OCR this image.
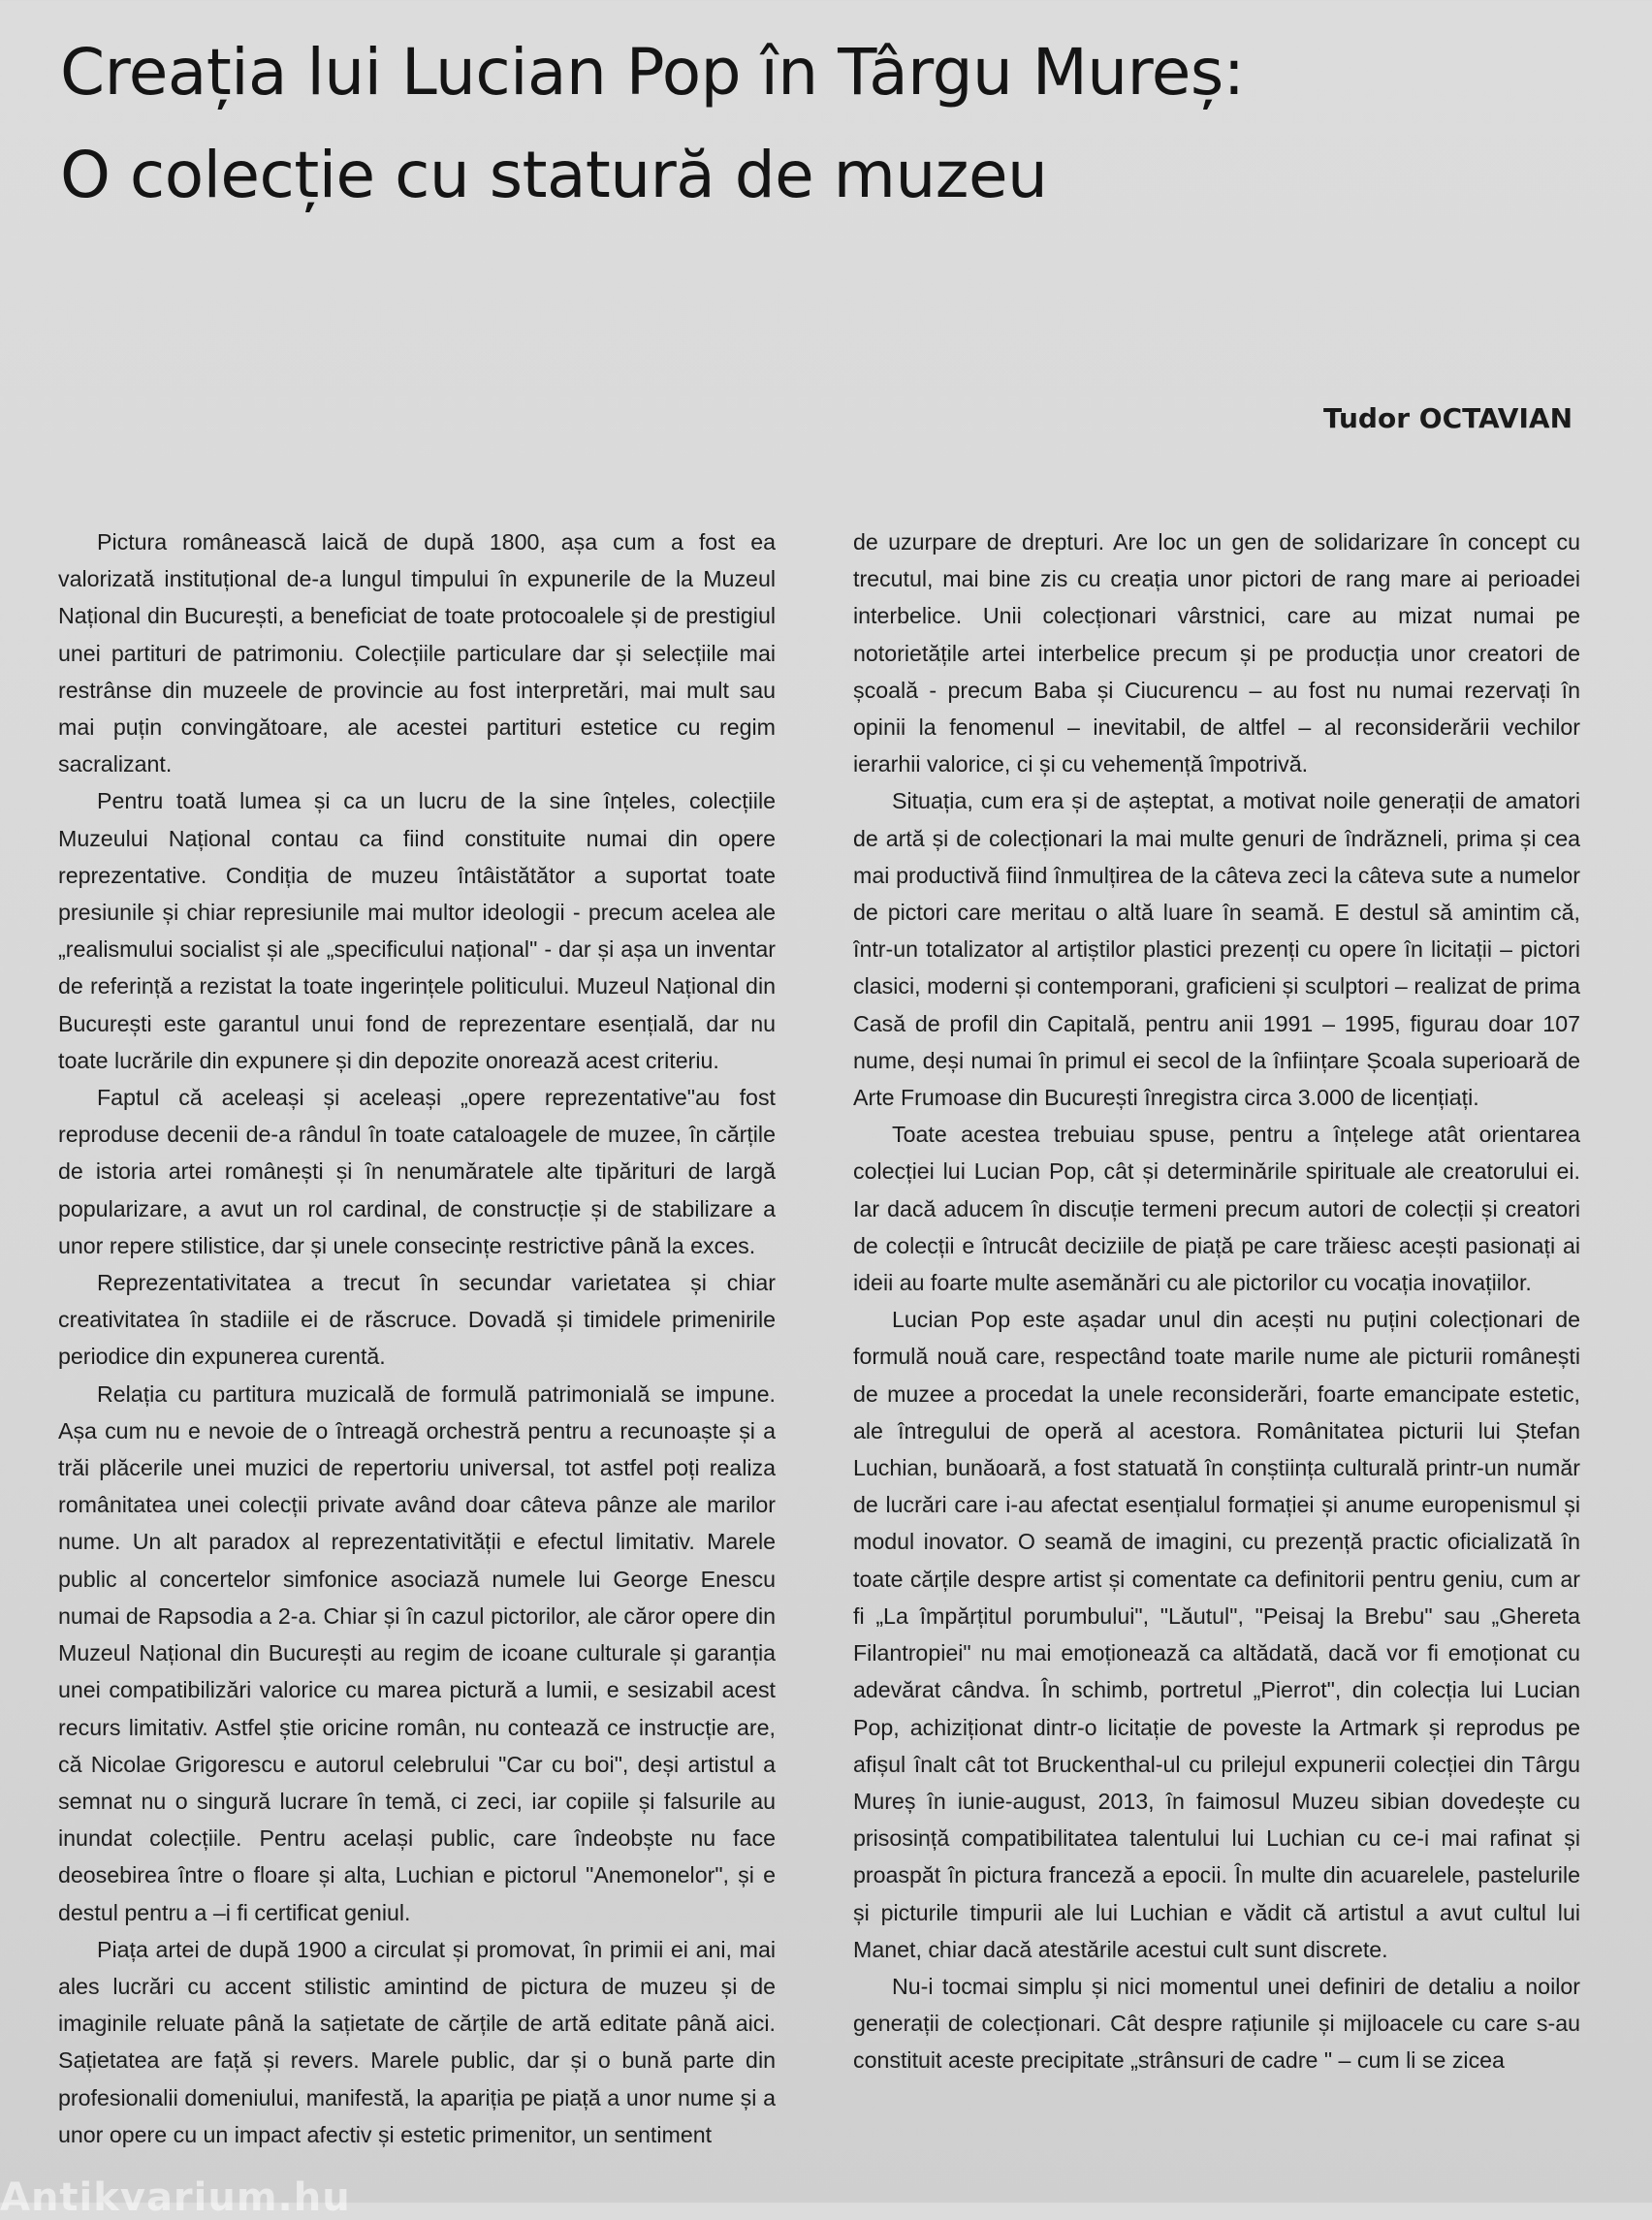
Creația lui Lucian Pop în Târgu Mureș:
O colecție cu statură de muzeu
Tudor OCTAVIAN

Pictura românească laică de după 1800, așa cum a fost ea valorizată instituțional de-a lungul timpului în expunerile de la Muzeul Național din București, a beneficiat de toate protocoalele și de prestigiul unei partituri de patrimoniu. Colecțiile particulare dar și selecțiile mai restrânse din muzeele de provincie au fost interpretări, mai mult sau mai puțin convingătoare, ale acestei partituri estetice cu regim sacralizant.

Pentru toată lumea și ca un lucru de la sine înțeles, colecțiile Muzeului Național contau ca fiind constituite numai din opere reprezentative. Condiția de muzeu întâistătător a suportat toate presiunile și chiar represiunile mai multor ideologii - precum acelea ale „realismului socialist și ale „specificului național" - dar și așa un inventar de referință a rezistat la toate ingerințele politicului. Muzeul Național din București este garantul unui fond de reprezentare esențială, dar nu toate lucrările din expunere și din depozite onorează acest criteriu.

Faptul că aceleași și aceleași „opere reprezentative"au fost reproduse decenii de-a rândul în toate cataloagele de muzee, în cărțile de istoria artei românești și în nenumăratele alte tipărituri de largă popularizare, a avut un rol cardinal, de construcție și de stabilizare a unor repere stilistice, dar și unele consecințe restrictive până la exces.

Reprezentativitatea a trecut în secundar varietatea și chiar creativitatea în stadiile ei de răscruce. Dovadă și timidele primenirile periodice din expunerea curentă.

Relația cu partitura muzicală de formulă patrimonială se impune. Așa cum nu e nevoie de o întreagă orchestră pentru a recunoaște și a trăi plăcerile unei muzici de repertoriu universal, tot astfel poți realiza românitatea unei colecții private având doar câteva pânze ale marilor nume. Un alt paradox al reprezentativității e efectul limitativ. Marele public al concertelor simfonice asociază numele lui George Enescu numai de Rapsodia a 2-a. Chiar și în cazul pictorilor, ale căror opere din Muzeul Național din București au regim de icoane culturale și garanția unei compatibilizări valorice cu marea pictură a lumii, e sesizabil acest recurs limitativ. Astfel știe oricine român, nu contează ce instrucție are, că Nicolae Grigorescu e autorul celebrului "Car cu boi", deși artistul a semnat nu o singură lucrare în temă, ci zeci, iar copiile și falsurile au inundat colecțiile. Pentru același public, care îndeobște nu face deosebirea între o floare și alta, Luchian e pictorul "Anemonelor", și e destul pentru a –i fi certificat geniul.

Piața artei de după 1900 a circulat și promovat, în primii ei ani, mai ales lucrări cu accent stilistic amintind de pictura de muzeu și de imaginile reluate până la sațietate de cărțile de artă editate până aici. Sațietatea are față și revers. Marele public, dar și o bună parte din profesionalii domeniului, manifestă, la apariția pe piață a unor nume și a unor opere cu un impact afectiv și estetic primenitor, un sentiment

de uzurpare de drepturi. Are loc un gen de solidarizare în concept cu trecutul, mai bine zis cu creația unor pictori de rang mare ai perioadei interbelice. Unii colecționari vârstnici, care au mizat numai pe notorietățile artei interbelice precum și pe producția unor creatori de școală - precum Baba și Ciucurencu – au fost nu numai rezervați în opinii la fenomenul – inevitabil, de altfel – al reconsiderării vechilor ierarhii valorice, ci și cu vehemență împotrivă.

Situația, cum era și de așteptat, a motivat noile generații de amatori de artă și de colecționari la mai multe genuri de îndrăzneli, prima și cea mai productivă fiind înmulțirea de la câteva zeci la câteva sute a numelor de pictori care meritau o altă luare în seamă. E destul să amintim că, într-un totalizator al artiștilor plastici prezenți cu opere în licitații – pictori clasici, moderni și contemporani, graficieni și sculptori – realizat de prima Casă de profil din Capitală, pentru anii 1991 – 1995, figurau doar 107 nume, deși numai în primul ei secol de la înființare Școala superioară de Arte Frumoase din București înregistra circa 3.000 de licențiați.

Toate acestea trebuiau spuse, pentru a înțelege atât orientarea colecției lui Lucian Pop, cât și determinările spirituale ale creatorului ei. Iar dacă aducem în discuție termeni precum autori de colecții și creatori de colecții e întrucât deciziile de piață pe care trăiesc acești pasionați ai ideii au foarte multe asemănări cu ale pictorilor cu vocația inovațiilor.

Lucian Pop este așadar unul din acești nu puțini colecționari de formulă nouă care, respectând toate marile nume ale picturii românești de muzee a procedat la unele reconsiderări, foarte emancipate estetic, ale întregului de operă al acestora. Românitatea picturii lui Ștefan Luchian, bunăoară, a fost statuată în conștiința culturală printr-un număr de lucrări care i-au afectat esențialul formației și anume europenismul și modul inovator. O seamă de imagini, cu prezență practic oficializată în toate cărțile despre artist și comentate ca definitorii pentru geniu, cum ar fi „La împărțitul porumbului", "Lăutul", "Peisaj la Brebu" sau „Ghereta Filantropiei" nu mai emoționează ca altădată, dacă vor fi emoționat cu adevărat cândva. În schimb, portretul „Pierrot", din colecția lui Lucian Pop, achiziționat dintr-o licitație de poveste la Artmark și reprodus pe afișul înalt cât tot Bruckenthal-ul cu prilejul expunerii colecției din Târgu Mureș în iunie-august, 2013, în faimosul Muzeu sibian dovedește cu prisosință compatibilitatea talentului lui Luchian cu ce-i mai rafinat și proaspăt în pictura franceză a epocii. În multe din acuarelele, pastelurile și picturile timpurii ale lui Luchian e vădit că artistul a avut cultul lui Manet, chiar dacă atestările acestui cult sunt discrete.

Nu-i tocmai simplu și nici momentul unei definiri de detaliu a noilor generații de colecționari. Cât despre rațiunile și mijloacele cu care s-au constituit aceste precipitate „strânsuri de cadre " – cum li se zicea

Antikvarium.hu
